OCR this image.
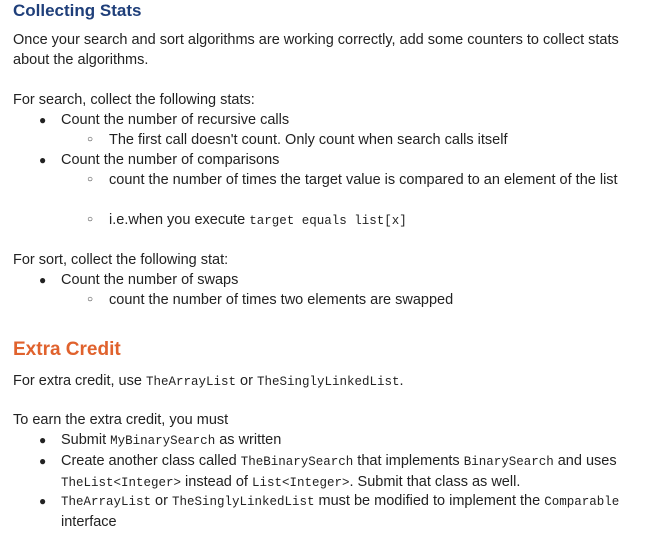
Collecting Stats
Once your search and sort algorithms are working correctly, add some counters to collect stats about the algorithms.
For search, collect the following stats:
● Count the number of recursive calls
○ The first call doesn't count. Only count when search calls itself
● Count the number of comparisons
○ count the number of times the target value is compared to an element of the list
○ i.e.when you execute target equals list[x]
For sort, collect the following stat:
● Count the number of swaps
○ count the number of times two elements are swapped
Extra Credit
For extra credit, use TheArrayList or TheSinglyLinkedList.
To earn the extra credit, you must
● Submit MyBinarySearch as written
● Create another class called TheBinarySearch that implements BinarySearch and uses TheList<Integer> instead of List<Integer>. Submit that class as well.
● TheArrayList or TheSinglyLinkedList must be modified to implement the Comparable interface
